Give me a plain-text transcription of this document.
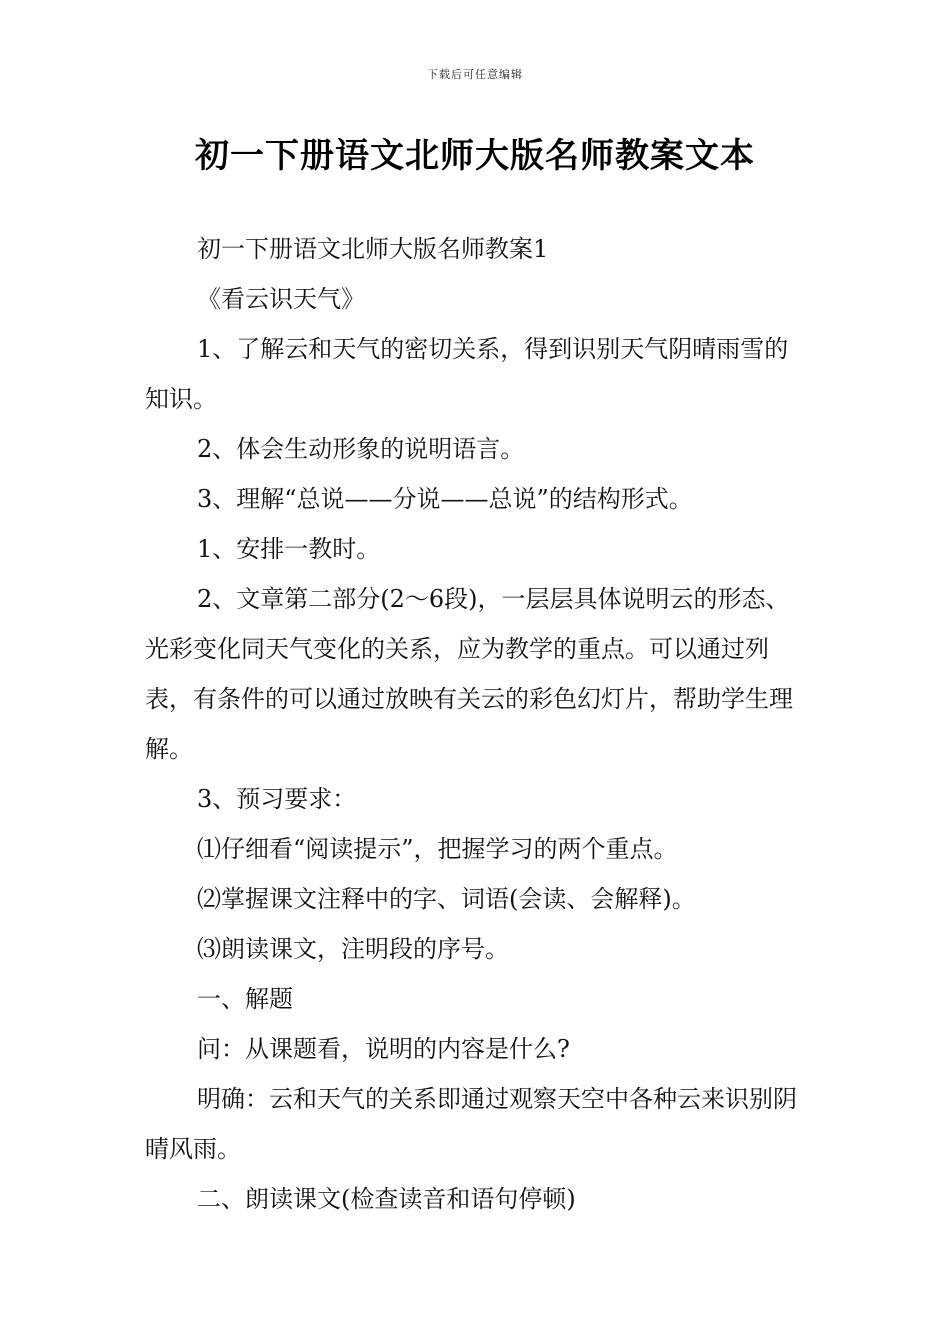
下载后可任意编辑
初一下册语文北师大版名师教案文本

初一下册语文北师大版名师教案1

《看云识天气》

1、了解云和天气的密切关系，得到识别天气阴晴雨雪的知识。

2、体会生动形象的说明语言。

3、理解“总说——分说——总说”的结构形式。

1、安排一教时。

2、文章第二部分(2～6段)，一层层具体说明云的形态、光彩变化同天气变化的关系，应为教学的重点。可以通过列表，有条件的可以通过放映有关云的彩色幻灯片，帮助学生理解。

3、预习要求：

⑴仔细看“阅读提示”，把握学习的两个重点。

⑵掌握课文注释中的字、词语(会读、会解释)。

⑶朗读课文，注明段的序号。

一、解题

问：从课题看，说明的内容是什么?

明确：云和天气的关系即通过观察天空中各种云来识别阴晴风雨。

二、朗读课文(检查读音和语句停顿)
